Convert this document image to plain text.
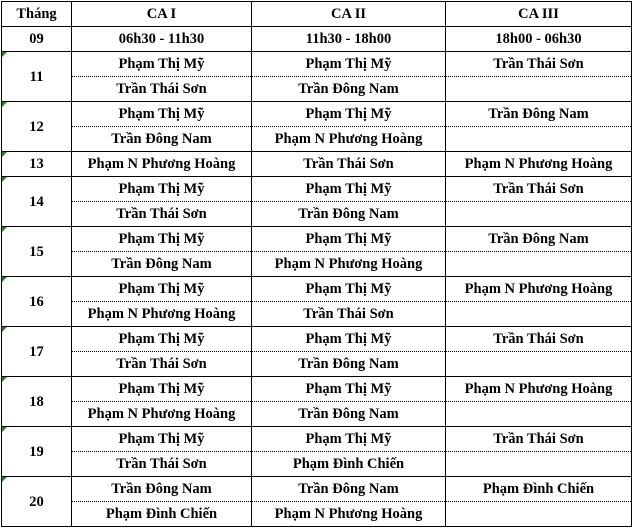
Tháng	CA I	CA II	CA III
09	06h30 - 11h30	11h30 - 18h00	18h00 - 06h30
11	Phạm Thị Mỹ	Phạm Thị Mỹ	Trần Thái Sơn
	Trần Thái Sơn	Trần Đông Nam	
12	Phạm Thị Mỹ	Phạm Thị Mỹ	Trần Đông Nam
	Trần Đông Nam	Phạm N Phương Hoàng	
13	Phạm N Phương Hoàng	Trần Thái Sơn	Phạm N Phương Hoàng
14	Phạm Thị Mỹ	Phạm Thị Mỹ	Trần Thái Sơn
	Trần Thái Sơn	Trần Đông Nam	
15	Phạm Thị Mỹ	Phạm Thị Mỹ	Trần Đông Nam
	Trần Đông Nam	Phạm N Phương Hoàng	
16	Phạm Thị Mỹ	Phạm Thị Mỹ	Phạm N Phương Hoàng
	Phạm N Phương Hoàng	Trần Thái Sơn	
17	Phạm Thị Mỹ	Phạm Thị Mỹ	Trần Thái Sơn
	Trần Thái Sơn	Trần Đông Nam	
18	Phạm Thị Mỹ	Phạm Thị Mỹ	Phạm N Phương Hoàng
	Phạm N Phương Hoàng	Trần Đông Nam	
19	Phạm Thị Mỹ	Phạm Thị Mỹ	Trần Thái Sơn
	Trần Thái Sơn	Phạm Đình Chiến	
20	Trần Đông Nam	Trần Đông Nam	Phạm Đình Chiến
	Phạm Đình Chiến	Phạm N Phương Hoàng	
